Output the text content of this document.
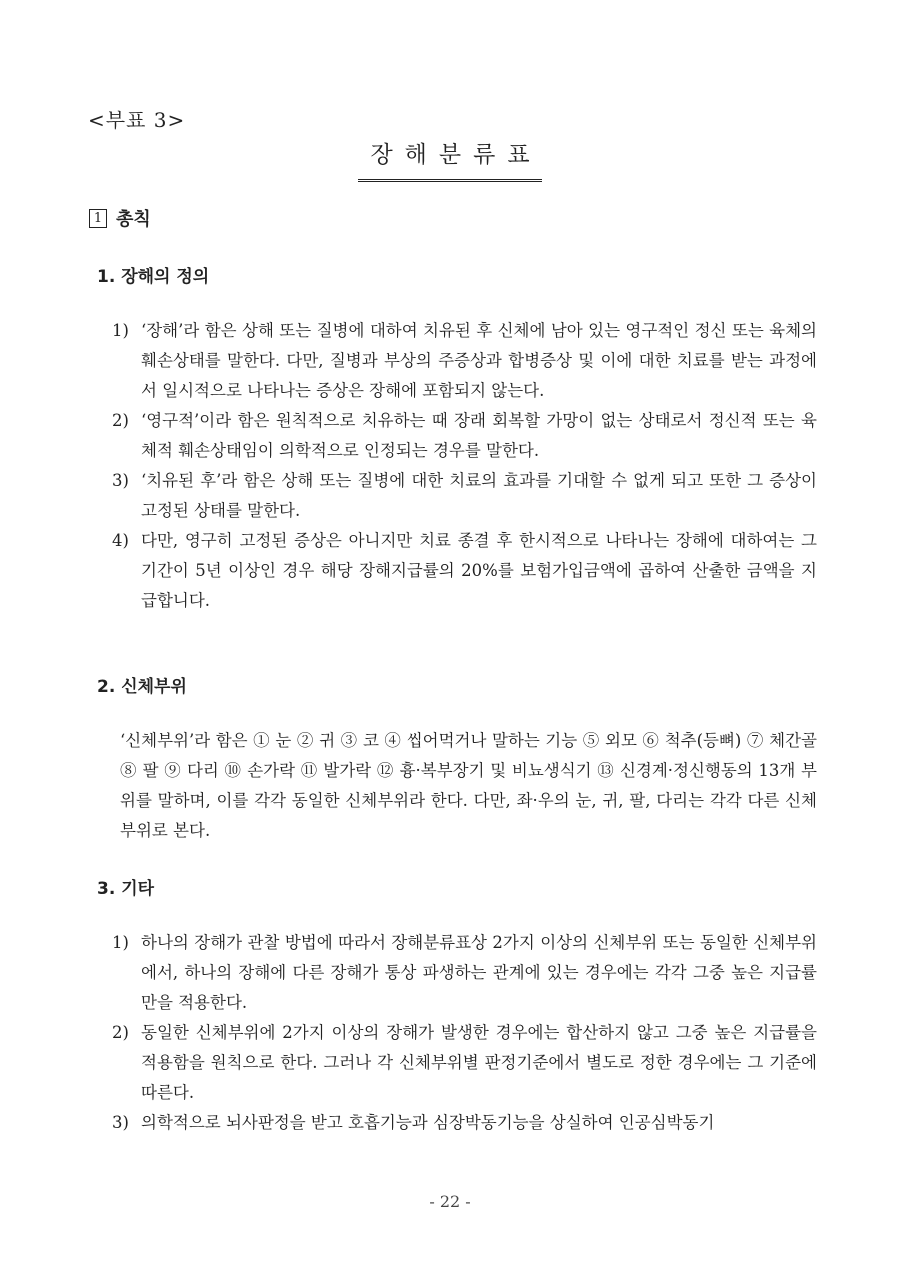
<부표 3>
장해분류표
1 총칙
1. 장해의 정의
1) ‘장해’라 함은 상해 또는 질병에 대하여 치유된 후 신체에 남아 있는 영구적인 정신 또는 육체의 훼손상태를 말한다. 다만, 질병과 부상의 주증상과 합병증상 및 이에 대한 치료를 받는 과정에서 일시적으로 나타나는 증상은 장해에 포함되지 않는다.
2) ‘영구적’이라 함은 원칙적으로 치유하는 때 장래 회복할 가망이 없는 상태로서 정신적 또는 육체적 훼손상태임이 의학적으로 인정되는 경우를 말한다.
3) ‘치유된 후’라 함은 상해 또는 질병에 대한 치료의 효과를 기대할 수 없게 되고 또한 그 증상이 고정된 상태를 말한다.
4) 다만, 영구히 고정된 증상은 아니지만 치료 종결 후 한시적으로 나타나는 장해에 대하여는 그 기간이 5년 이상인 경우 해당 장해지급률의 20%를 보험가입금액에 곱하여 산출한 금액을 지급합니다.
2. 신체부위
‘신체부위’라 함은 ① 눈 ② 귀 ③ 코 ④ 씹어먹거나 말하는 기능 ⑤ 외모 ⑥ 척추(등뼈) ⑦ 체간골 ⑧ 팔 ⑨ 다리 ⑩ 손가락 ⑪ 발가락 ⑫ 흉·복부장기 및 비뇨생식기 ⑬ 신경계·정신행동의 13개 부위를 말하며, 이를 각각 동일한 신체부위라 한다. 다만, 좌·우의 눈, 귀, 팔, 다리는 각각 다른 신체부위로 본다.
3. 기타
1) 하나의 장해가 관찰 방법에 따라서 장해분류표상 2가지 이상의 신체부위 또는 동일한 신체부위에서, 하나의 장해에 다른 장해가 통상 파생하는 관계에 있는 경우에는 각각 그중 높은 지급률만을 적용한다.
2) 동일한 신체부위에 2가지 이상의 장해가 발생한 경우에는 합산하지 않고 그중 높은 지급률을 적용함을 원칙으로 한다. 그러나 각 신체부위별 판정기준에서 별도로 정한 경우에는 그 기준에 따른다.
3) 의학적으로 뇌사판정을 받고 호흡기능과 심장박동기능을 상실하여 인공심박동기
- 22 -
